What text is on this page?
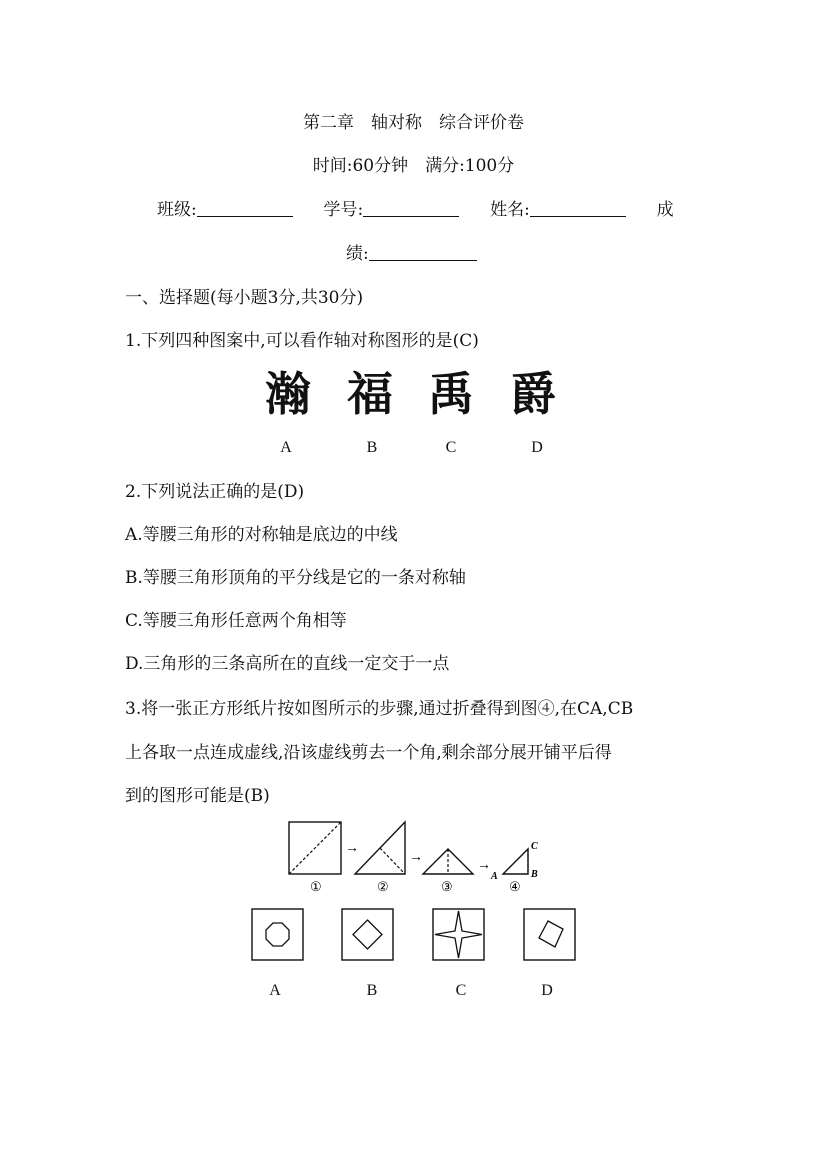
第二章　轴对称　综合评价卷
时间:60分钟　满分:100分
班级:	学号:	姓名:	成
绩:
一、选择题(每小题3分,共30分)
1.下列四种图案中,可以看作轴对称图形的是(C)
瀚 福 禹 爵
A	B	C	D
2.下列说法正确的是(D)
A.等腰三角形的对称轴是底边的中线
B.等腰三角形顶角的平分线是它的一条对称轴
C.等腰三角形任意两个角相等
D.三角形的三条高所在的直线一定交于一点
3.将一张正方形纸片按如图所示的步骤,通过折叠得到图④,在CA,CB
上各取一点连成虚线,沿该虚线剪去一个角,剩余部分展开铺平后得
到的图形可能是(B)
①
→
②
→
③
→
A	B
C
④
A	B	C	D
